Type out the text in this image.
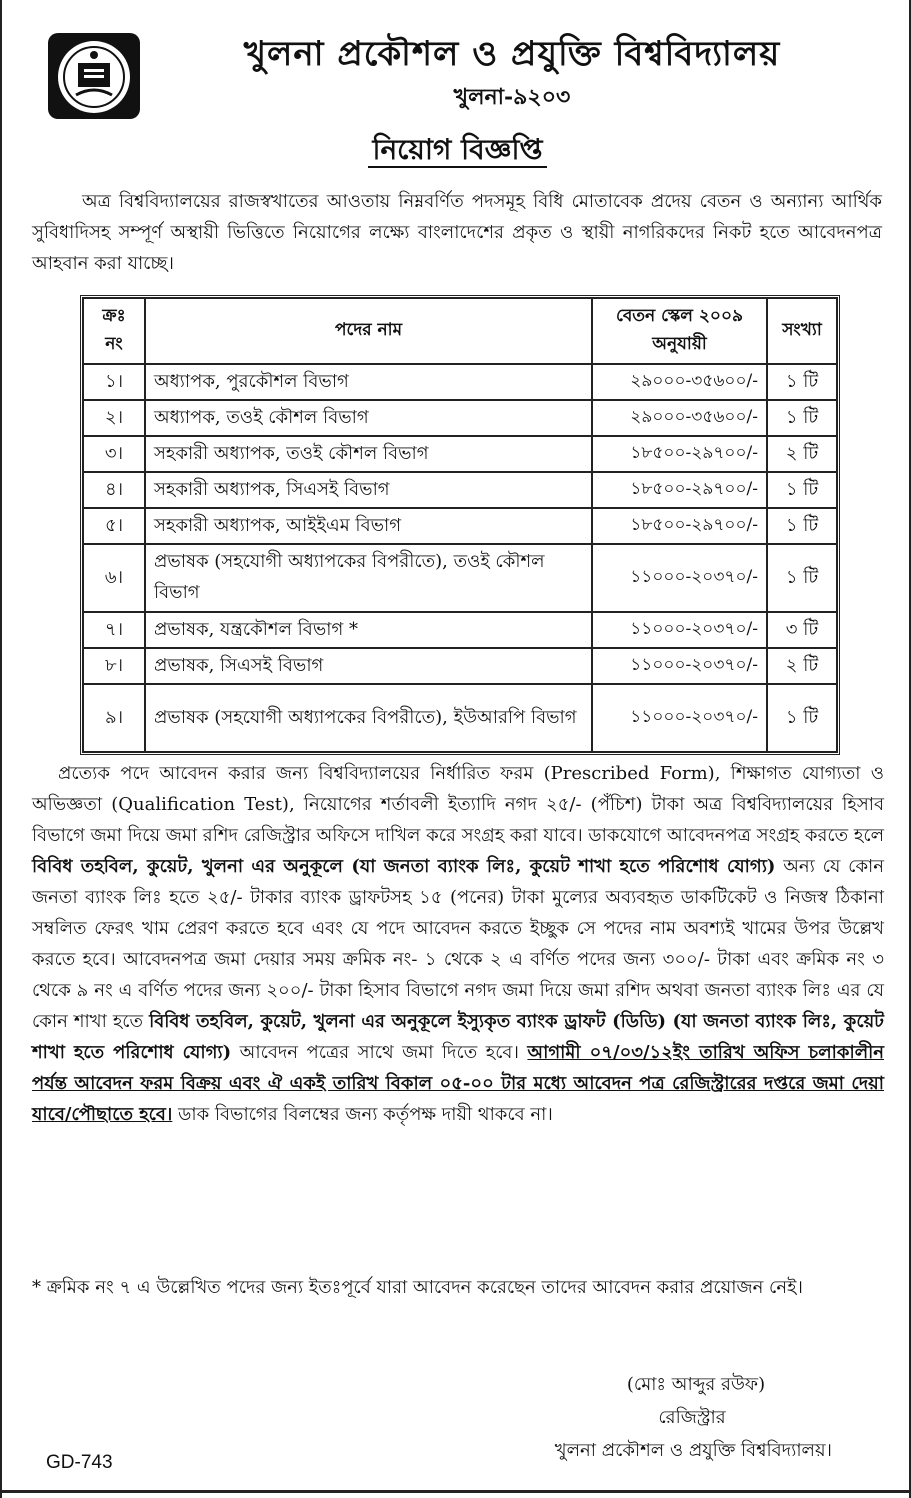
খুলনা প্রকৌশল ও প্রযুক্তি বিশ্ববিদ্যালয়
খুলনা-৯২০৩
নিয়োগ বিজ্ঞপ্তি

অত্র বিশ্ববিদ্যালয়ের রাজস্বখাতের আওতায় নিম্নবর্ণিত পদসমূহ বিধি মোতাবেক প্রদেয় বেতন ও অন্যান্য আর্থিক সুবিধাদিসহ সম্পূর্ণ অস্থায়ী ভিত্তিতে নিয়োগের লক্ষ্যে বাংলাদেশের প্রকৃত ও স্থায়ী নাগরিকদের নিকট হতে আবেদনপত্র আহবান করা যাচ্ছে।

ক্রঃ নং	পদের নাম	বেতন স্কেল ২০০৯ অনুযায়ী	সংখ্যা
১।	অধ্যাপক, পুরকৌশল বিভাগ	২৯০০০-৩৫৬০০/-	১ টি
২।	অধ্যাপক, তওই কৌশল বিভাগ	২৯০০০-৩৫৬০০/-	১ টি
৩।	সহকারী অধ্যাপক, তওই কৌশল বিভাগ	১৮৫০০-২৯৭০০/-	২ টি
৪।	সহকারী অধ্যাপক, সিএসই বিভাগ	১৮৫০০-২৯৭০০/-	১ টি
৫।	সহকারী অধ্যাপক, আইইএম বিভাগ	১৮৫০০-২৯৭০০/-	১ টি
৬।	প্রভাষক (সহযোগী অধ্যাপকের বিপরীতে), তওই কৌশল বিভাগ	১১০০০-২০৩৭০/-	১ টি
৭।	প্রভাষক, যন্ত্রকৌশল বিভাগ *	১১০০০-২০৩৭০/-	৩ টি
৮।	প্রভাষক, সিএসই বিভাগ	১১০০০-২০৩৭০/-	২ টি
৯।	প্রভাষক (সহযোগী অধ্যাপকের বিপরীতে), ইউআরপি বিভাগ	১১০০০-২০৩৭০/-	১ টি

প্রত্যেক পদে আবেদন করার জন্য বিশ্ববিদ্যালয়ের নির্ধারিত ফরম (Prescribed Form), শিক্ষাগত যোগ্যতা ও অভিজ্ঞতা (Qualification Test), নিয়োগের শর্তাবলী ইত্যাদি নগদ ২৫/- (পঁচিশ) টাকা অত্র বিশ্ববিদ্যালয়ের হিসাব বিভাগে জমা দিয়ে জমা রশিদ রেজিস্ট্রার অফিসে দাখিল করে সংগ্রহ করা যাবে। ডাকযোগে আবেদনপত্র সংগ্রহ করতে হলে বিবিধ তহবিল, কুয়েট, খুলনা এর অনুকূলে (যা জনতা ব্যাংক লিঃ, কুয়েট শাখা হতে পরিশোধ যোগ্য) অন্য যে কোন জনতা ব্যাংক লিঃ হতে ২৫/- টাকার ব্যাংক ড্রাফটসহ ১৫ (পনের) টাকা মুল্যের অব্যবহৃত ডাকটিকেট ও নিজস্ব ঠিকানা সম্বলিত ফেরৎ খাম প্রেরণ করতে হবে এবং যে পদে আবেদন করতে ইচ্ছুক সে পদের নাম অবশ্যই খামের উপর উল্লেখ করতে হবে। আবেদনপত্র জমা দেয়ার সময় ক্রমিক নং- ১ থেকে ২ এ বর্ণিত পদের জন্য ৩০০/- টাকা এবং ক্রমিক নং ৩ থেকে ৯ নং এ বর্ণিত পদের জন্য ২০০/- টাকা হিসাব বিভাগে নগদ জমা দিয়ে জমা রশিদ অথবা জনতা ব্যাংক লিঃ এর যে কোন শাখা হতে বিবিধ তহবিল, কুয়েট, খুলনা এর অনুকূলে ইস্যুকৃত ব্যাংক ড্রাফট (ডিডি) (যা জনতা ব্যাংক লিঃ, কুয়েট শাখা হতে পরিশোধ যোগ্য) আবেদন পত্রের সাথে জমা দিতে হবে। আগামী ০৭/০৩/১২ইং তারিখ অফিস চলাকালীন পর্যন্ত আবেদন ফরম বিক্রয় এবং ঐ একই তারিখ বিকাল ০৫-০০ টার মধ্যে আবেদন পত্র রেজিস্ট্রারের দপ্তরে জমা দেয়া যাবে/পৌছাতে হবে। ডাক বিভাগের বিলম্বের জন্য কর্তৃপক্ষ দায়ী থাকবে না।

* ক্রমিক নং ৭ এ উল্লেখিত পদের জন্য ইতঃপূর্বে যারা আবেদন করেছেন তাদের আবেদন করার প্রয়োজন নেই।

(মোঃ আব্দুর রউফ)
রেজিস্ট্রার
খুলনা প্রকৌশল ও প্রযুক্তি বিশ্ববিদ্যালয়।
GD-743
